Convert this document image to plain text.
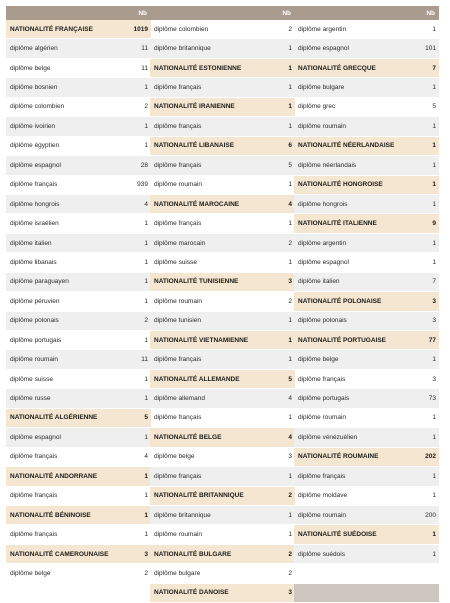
	Nb
NATIONALITÉ FRANÇAISE	1019
diplôme algérien	11
diplôme belge	11
diplôme bosnien	1
diplôme colombien	2
diplôme ivoirien	1
diplôme égyptien	1
diplôme espagnol	28
diplôme français	939
diplôme hongrois	4
diplôme israélien	1
diplôme italien	1
diplôme libanais	1
diplôme paraguayen	1
diplôme péruvien	1
diplôme polonais	2
diplôme portugais	1
diplôme roumain	11
diplôme suisse	1
diplôme russe	1
NATIONALITÉ ALGÉRIENNE	5
diplôme espagnol	1
diplôme français	4
NATIONALITÉ ANDORRANE	1
diplôme français	1
NATIONALITÉ BÉNINOISE	1
diplôme français	1
NATIONALITÉ CAMEROUNAISE	3
diplôme belge	2
	Nb
diplôme colombien	2
diplôme britannique	1
NATIONALITÉ ESTONIENNE	1
diplôme français	1
NATIONALITÉ IRANIENNE	1
diplôme français	1
NATIONALITÉ LIBANAISE	6
diplôme français	5
diplôme roumain	1
NATIONALITÉ MAROCAINE	4
diplôme français	1
diplôme marocain	2
diplôme suisse	1
NATIONALITÉ TUNISIENNE	3
diplôme roumain	2
diplôme tunisien	1
NATIONALITÉ VIETNAMIENNE	1
diplôme français	1
NATIONALITÉ ALLEMANDE	5
diplôme allemand	4
diplôme français	1
NATIONALITÉ BELGE	4
diplôme belge	3
diplôme français	1
NATIONALITÉ BRITANNIQUE	2
diplôme britannique	1
diplôme roumain	1
NATIONALITÉ BULGARE	2
diplôme bulgare	2
NATIONALITÉ DANOISE	3
	Nb
diplôme argentin	1
diplôme espagnol	101
NATIONALITÉ GRECQUE	7
diplôme bulgare	1
diplôme grec	5
diplôme roumain	1
NATIONALITÉ NÉERLANDAISE	1
diplôme néerlandais	1
NATIONALITÉ HONGROISE	1
diplôme hongrois	1
NATIONALITÉ ITALIENNE	9
diplôme argentin	1
diplôme espagnol	1
diplôme italien	7
NATIONALITÉ POLONAISE	3
diplôme polonais	3
NATIONALITÉ PORTUGAISE	77
diplôme belge	1
diplôme français	3
diplôme portugais	73
diplôme roumain	1
diplôme vénézuélien	1
NATIONALITÉ ROUMAINE	202
diplôme français	1
diplôme moldave	1
diplôme roumain	200
NATIONALITÉ SUÉDOISE	1
diplôme suédois	1
